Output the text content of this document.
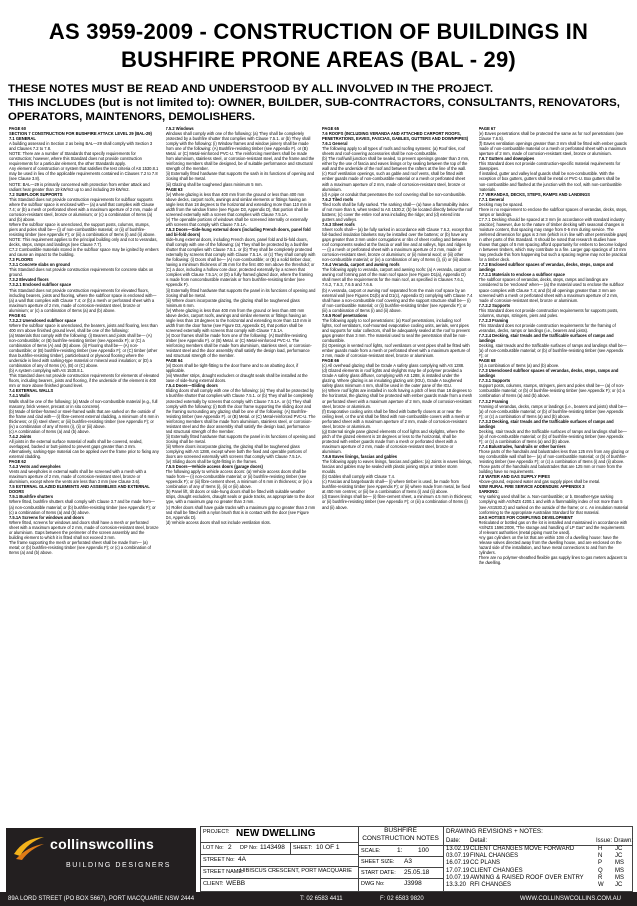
AS 3959-2009 - CONSTRUCTION OF BUILDINGS IN
BUSHFIRE PRONE AREAS (BAL - 29)
THESE NOTES MUST BE READ AND UNDERSTOOD BY ALL INVOLVED IN THE PROJECT.
THIS INCLUDES (but is not limited to): OWNER, BUILDER, SUB-CONTRACTORS, CONSULTANTS, RENOVATORS,
OPERATORS, MAINTENORS, DEMOLISHERS.

PAGE 60

SECTION 7 CONSTRUCTION FOR BUSHFIRE ATTACK LEVEL 29 (BAL-29)

7.1 GENERAL

A building assessed in Section 2 as being BAL—29 shall comply with Section 3 and Clauses 7.2 to 7.8.

NOTE: There are a number of Standards that specify requirements for construction; however, where this Standard does not provide construction requirements for a particular element, the other Standards apply.

Any element of construction or system that satisfies the test criteria of AS 1530.8.1 may be used in lieu of the applicable requirements contained in Clauses 7.2 to 7.8 (see Clause 3.8).

NOTE: BAL—29 is primarily concerned with protection from ember attack and radiant heat greater than 19 kW/m2 up to and including 29 kW/m2.

7.2 SUBFLOOR SUPPORTS

This Standard does not provide construction requirements for subfloor supports where the subfloor space is enclosed with— (a) a wall that complies with Clause 7.4; or (b) a mesh or perforated sheet with a maximum aperture of 2 mm, made of corrosion-resistant steel, bronze or aluminium; or (c) a combination of Items (a) and (b) above.

Where the subfloor space is unenclosed, the support posts, columns, stumps, piers and poles shall be— (i) of non-combustible material; or (ii) of bushfire-resisting timber (see Appendix F); or (iii) a combination of Items (i) and (ii) above.

NOTE: This requirement applies to the principal building only and not to verandas, decks, steps, ramps and landings (see Clause 7.7).

C7.2 Combustible materials stored in the subfloor space may be ignited by embers and cause an impact to the building.

7.3 FLOORS

7.3.1 Concrete slabs on ground

This Standard does not provide construction requirements for concrete slabs on ground.

7.3.2 Elevated floors

7.3.2.1 Enclosed subfloor space

This Standard does not provide construction requirements for elevated floors, including bearers, joists and flooring, where the subfloor space is enclosed with— (a) a wall that complies with Clause 7.4; or (b) a mesh or perforated sheet with a maximum aperture of 2 mm, made of corrosion-resistant steel, bronze or aluminium; or (c) a combination of Items (a) and (b) above.

PAGE 61

7.3.2.2 Unenclosed subfloor space

Where the subfloor space is unenclosed, the bearers, joists and flooring, less than 400 mm above finished ground level, shall be one of the following:

(a) Materials that comply with the following: (i) Bearers and joists shall be— (A) non-combustible; or (B) bushfire-resisting timber (see Appendix F); or (C) a combination of Items (A) and (B) above. (ii) Flooring shall be— (A) non-combustible; or (B) bushfire-resisting timber (see Appendix F); or (C) timber (other than bushfire-resisting timber), particleboard or plywood flooring where the underside is lined with sarking-type material or mineral wool insulation; or (D) a combination of any of Items (A), (B) or (C) above.

(b) A system complying with AS 1530.8.1.

This Standard does not provide construction requirements for elements of elevated floors, including bearers, joists and flooring, if the underside of the element is 400 mm or more above finished ground level.

7.4 EXTERNAL WALLS

7.4.1 Walls

Walls shall be one of the following: (a) Made of non-combustible material (e.g., full masonry, brick veneer, precast or in situ concrete).

(b) Made of timber-framed or steel-framed walls that are sarked on the outside of the frame and clad with— (i) fibre-cement external cladding, a minimum of 6 mm in thickness; or (ii) steel sheet; or (iii) bushfire-resisting timber (see Appendix F); or (iv) a combination of any of Items (i), (ii) or (iii) above.

(c) A combination of Items (a) and (b) above.

7.4.2 Joints

All joints in the external surface material of walls shall be covered, sealed, overlapped, backed or butt-jointed to prevent gaps greater than 3 mm.

Alternatively, sarking-type material can be applied over the frame prior to fixing any external cladding.

PAGE 62

7.4.3 Vents and weepholes

Vents and weepholes in external walls shall be screened with a mesh with a maximum aperture of 2 mm, made of corrosion-resistant steel, bronze or aluminium, except where the vents are less than 3 mm (see Clause 3.6).

7.5 EXTERNAL GLAZED ELEMENTS AND ASSEMBLIES AND EXTERNAL DOORS

7.5.1 Bushfire shutters

Where fitted, bushfire shutters shall comply with Clause 3.7 and be made from— (a) non-combustible material; or (b) bushfire-resisting timber (see Appendix F); or (c) a combination of Items (a) and (b) above.

7.5.1A Screens for windows and doors

Where fitted, screens for windows and doors shall have a mesh or perforated sheet with a maximum aperture of 2 mm, made of corrosion-resistant steel, bronze or aluminium. Gaps between the perimeter of the screen assembly and the building element to which it is fitted shall not exceed 3 mm.

The frame supporting the mesh or perforated sheet shall be made from— (a) metal; or (b) bushfire-resisting timber (see Appendix F); or (c) a combination of Items (a) and (b) above.

7.5.2 Windows

Windows shall comply with one of the following: (a) They shall be completely protected by a bushfire shutter that complies with Clause 7.5.1. or (b) They shall comply with the following: (i) Window frames and window joinery shall be made from one of the following: (A) Bushfire-resisting timber (see Appendix F). or (B) Metal. or (C) Metal-reinforced PVC-U. The reinforcing members shall be made from aluminium, stainless steel, or corrosion-resistant steel, and the frame and the reinforcing members shall be designed, be of suitable performance and structural strength of the member.

(ii) Externally fitted hardware that supports the sash in its functions of opening and closing shall be metal.

(iii) Glazing shall be toughened glass minimum 5 mm.

PAGE 63

(iv) Where glazing is less than 400 mm from the ground or less than 400 mm above decks, carport roofs, awnings and similar elements or fittings having an angle less than 18 degrees to the horizontal and extending more than 110 mm in width from the window frame (see Figure D3, Appendix D), that portion shall be screened externally with a screen that complies with Clause 7.5.1A.

(v) The openable portions of windows shall be screened internally or externally with screens that comply with Clause 7.5.1A.

7.5.3 Doors—Side-hung external doors (including French doors, panel fold and bi-fold doors)

Side-hung external doors, including French doors, panel fold and bi-fold doors, shall comply with one of the following: (a) They shall be protected by a bushfire shutter that complies with Clause 7.5.1. or (b) They shall be completely protected externally by screens that comply with Clause 7.5.1A. or (c) They shall comply with the following: (i) Doors shall be— (A) non-combustible; or (B) a solid timber door, having a minimum thickness of 35 mm for the first 400 mm above the threshold; or (C) a door, including a hollow core door, protected externally by a screen that complies with Clause 7.5.1A; or (D) a fully framed glazed door, where the framing is made from noncombustible materials or from bushfire-resisting timber (see Appendix F).

(ii) Externally fitted hardware that supports the panel in its functions of opening and closing shall be metal.

(iii) Where doors incorporate glazing, the glazing shall be toughened glass minimum 6 mm.

(iv) Where glazing is less than 400 mm from the ground or less than 400 mm above decks, carport roofs, awnings and similar elements or fittings having an angle less than 18 degrees to the horizontal and extending more than 110 mm in width from the door frame (see Figure D3, Appendix D), that portion shall be screened externally with screens that comply with Clause 7.5.1A.

(v) Door frames shall be made from one of the following: (A) Bushfire-resisting timber (see Appendix F). or (B) Metal. or (C) Metal-reinforced PVC-U. The reinforcing members shall be made from aluminium, stainless steel, or corrosion-resistant steel and the door assembly shall satisfy the design load, performance and structural strength of the member.

PAGE 64

(vi) Doors shall be tight-fitting to the door frame and to an abutting door, if applicable.

(vii) Weather strips, draught excluders or draught seals shall be installed at the base of side-hung external doors.

7.5.4 Doors—Sliding doors

Sliding doors shall comply with one of the following: (a) They shall be protected by a bushfire shutter that complies with Clause 7.5.1. or (b) They shall be completely protected externally by screens that comply with Clause 7.5.1A. or (c) They shall comply with the following: (i) Both the door frame supporting the sliding door and the framing surrounding any glazing shall be one of the following: (A) Bushfire-resisting timber (see Appendix F). or (B) Metal. or (C) Metal-reinforced PVC-U. The reinforcing members shall be made from aluminium, stainless steel, or corrosion-resistant steel and the door assembly shall satisfy the design load, performance and structural strength of the member.

(ii) Externally fitted hardware that supports the panel in its functions of opening and closing shall be metal.

(iii) Where doors incorporate glazing, the glazing shall be toughened glass complying with AS 1288, except where both the fixed and operable portions of doors are screened externally with screens that comply with Clause 7.5.1A.

(iv) Sliding doors shall be tight-fitting in the frames.

7.5.5 Doors—Vehicle access doors (garage doors)

The following apply to vehicle access doors: (a) Vehicle access doors shall be made from— (i) non-combustible material; or (ii) bushfire-resisting timber (see Appendix F); or (iii) fibre-cement sheet, a minimum of 6 mm in thickness; or (iv) a combination of any of Items (i), (ii) or (iii) above.

(b) Panel lift, tilt doors or side-hung doors shall be fitted with suitable weather strips, draught excluders, draught seals or guide tracks, as appropriate to the door type, with a maximum gap no greater than 3 mm.

(c) Roller doors shall have guide tracks with a maximum gap no greater than 3 mm and shall be fitted with a nylon brush that is in contact with the door (see Figure D4, Appendix D).

(d) Vehicle access doors shall not include ventilation slots.

PAGE 65

7.6 ROOFS (INCLUDING VERANDA AND ATTACHED CARPORT ROOFS, PENETRATIONS, EAVES, FASCIAS, GABLES, GUTTERS AND DOWNPIPES)

7.6.1 General

The following apply to all types of roofs and roofing systems: (a) Roof tiles, roof sheets and roof-covering accessories shall be non-combustible.

(b) The roof/wall junction shall be sealed, to prevent openings greater than 3 mm, either by the use of fascia and eaves linings or by sealing between the top of the wall and the underside of the roof and between the rafters at the line of the wall.

(c) Roof ventilation openings, such as gable and roof vents, shall be fitted with ember guards made of non-combustible material or a mesh or perforated sheet with a maximum aperture of 2 mm, made of corrosion-resistant steel, bronze or aluminium.

(d) A pipe or conduit that penetrates the roof covering shall be non-combustible.

7.6.2 Tiled roofs

Tiled roofs shall be fully sarked. The sarking shall— (a) have a flammability index of not more than 5, when tested to AS 1530.2; (b) be located directly below the roof battens; (c) cover the entire roof area including the ridge; and (d) extend into gutters and valleys.

7.6.3 Sheet roofs

Sheet roofs shall— (a) be fully sarked in accordance with Clause 7.6.2, except that foil-backed insulation blankets may be installed over the battens; or (b) have any gaps greater than 3 mm under corrugations or ribs of sheet roofing and between roof components sealed at the fascia or wall line and at valleys, hips and ridges by— (i) a mesh or perforated sheet with a maximum aperture of 2 mm, made of corrosion-resistant steel, bronze or aluminium; or (ii) mineral wool; or (iii) other non-combustible material; or (iv) a combination of any of Items (i), (ii) or (iii) above.

7.6.4 Veranda, carport and awning roofs

The following apply to veranda, carport and awning roofs: (a) A veranda, carport or awning roof forming part of the main roof space (see Figure D1(a), Appendix D) shall meet all the requirements for the main roof, as specified in Clauses 7.6.1, 7.6.2, 7.6.3, 7.6.5 and 7.6.6.

(b) A veranda, carport or awning roof separated from the main roof space by an external wall (see Figures D1(b) and D1(c), Appendix D) complying with Clause 7.4 shall have a non-combustible roof covering and the support structure shall be— (i) of non-combustible material; or (ii) bushfire-resisting timber (see Appendix F); or (iii) a combination of Items (i) and (ii) above.

7.6.5 Roof penetrations

The following apply to roof penetrations: (a) Roof penetrations, including roof lights, roof ventilators, roof-mounted evaporative cooling units, aerials, vent pipes and supports for solar collectors, shall be adequately sealed at the roof to prevent gaps greater than 3 mm. The material used to seal the penetration shall be non-combustible.

(b) Openings in vented roof lights, roof ventilators or vent pipes shall be fitted with ember guards made from a mesh or perforated sheet with a maximum aperture of 2 mm, made of corrosion-resistant steel, bronze or aluminium.

PAGE 66

(c) All overhead glazing shall be Grade A safety glass complying with AS 1288.

(d) Glazed elements in roof lights and skylights may be of polymer provided a Grade A safety glass diffuser, complying with AS 1288, is installed under the glazing. Where glazing is an insulating glazing unit (IGU), Grade A toughened safety glass minimum 4 mm, shall be used in the outer pane of the IGU.

(e) Where roof lights are installed in roofs having a pitch of less than 18 degrees to the horizontal, the glazing shall be protected with ember guards made from a mesh or perforated sheet with a maximum aperture of 2 mm, made of corrosion-resistant steel, bronze or aluminium.

(f) Evaporative cooling units shall be fitted with butterfly closers at or near the ceiling level, or the unit shall be fitted with non-combustible covers with a mesh or perforated sheet with a maximum aperture of 2 mm, made of corrosion-resistant steel, bronze or aluminium.

(g) External single pane glazed elements of roof lights and skylights, where the pitch of the glazed element is 18 degrees or less to the horizontal, shall be protected with ember guards made from a mesh or perforated sheet with a maximum aperture of 2 mm, made of corrosion-resistant steel, bronze or aluminium.

7.6.6 Eaves linings, fascias and gables

The following apply to eaves linings, fascias and gables: (a) Joints in eaves linings, fascias and gables may be sealed with plastic joining strips or timber storm moulds.

(b) Gables shall comply with Clause 7.4.

(c) Fascias and bargeboards shall— (i) where timber is used, be made from bushfire-resisting timber (see Appendix F); or (ii) where made from metal, be fixed at 450 mm centres; or (iii) be a combination of Items (i) and (ii) above.

(d) Eaves linings shall be— (i) fibre-cement sheet, a minimum 4.5 mm in thickness; or (ii) bushfire-resisting timber (see Appendix F); or (iii) a combination of Items (i) and (ii) above.

PAGE 67

(e) Eaves penetrations shall be protected the same as for roof penetrations (see Clause 7.6.5).

(f) Eaves ventilation openings greater than 3 mm shall be fitted with ember guards made of non-combustible material or a mesh or perforated sheet with a maximum aperture of 2 mm, made of corrosion-resistant steel, bronze or aluminium.

7.6.7 Gutters and downpipes

This Standard does not provide construction-specific material requirements for downpipes.

If installed, gutter and valley leaf guards shall be non-combustible. With the exception of box gutters, gutters shall be metal or PVC-U. Box gutters shall be non-combustible and flashed at the junction with the roof, with non-combustible materials.

7.7 VERANDAS, DECKS, STEPS, RAMPS AND LANDINGS

7.7.1 General

Decking may be spaced.

There is no requirement to enclose the subfloor spaces of verandas, decks, steps, ramps or landings.

C7.7.1 Decking should be spaced at 3 mm (in accordance with standard industry practice); however, due to the nature of timber decking with seasonal changes in moisture content, that spacing may range from 0-5 mm during service. The preferred dimension for gaps is 3 mm (which is in line with other permissible gaps) in other parts of this Standard. It should be noted that research studies have shown that gaps of 5 mm spacing afford opportunity for embers to become lodged in between timbers, which may contribute to a fire. Larger gap spacings of 10 mm may preclude this from happening but such a spacing regime may not be practical for a timber deck.

7.7.2 Enclosed subfloor spaces of verandas, decks, steps, ramps and landings

7.7.2.1 Materials to enclose a subfloor space

The subfloor spaces of verandas, decks, steps, ramps and landings are considered to be 'enclosed' when— (a) the material used to enclose the subfloor space complies with Clause 7.4; and (b) all openings greater than 3 mm are screened with a mesh or perforated sheet with a maximum aperture of 2 mm, made of corrosion-resistant steel, bronze or aluminium.

7.7.2.2 Supports

This Standard does not provide construction requirements for supports posts, columns, stumps, stringers, piers and poles.

7.7.2.3 Framing

This Standard does not provide construction requirements for the framing of verandas, decks, ramps or landings (i.e., bearers and joists).

7.7.2.4 Decking, stair treads and the trafficable surfaces of ramps and landings

Decking, stair treads and the trafficable surfaces of ramps and landings shall be— (a) of non-combustible material; or (b) of bushfire-resisting timber (see Appendix F); or

PAGE 68

(c) a combination of Items (a) and (b) above.

7.7.3 Unenclosed subfloor spaces of verandas, decks, steps, ramps and landings

7.7.3.1 Supports

Support posts, columns, stumps, stringers, piers and poles shall be— (a) of non-combustible material; or (b) of bushfire-resisting timber (see Appendix F); or (c) a combination of Items (a) and (b) above.

7.7.3.2 Framing

Framing of verandas, decks, ramps or landings (i.e., bearers and joists) shall be— (a) of non-combustible material; or (b) of bushfire-resisting timber (see Appendix F); or (c) a combination of Items (a) and (b) above.

7.7.3.3 Decking, stair treads and the trafficable surfaces of ramps and landings

Decking, stair treads and the trafficable surfaces of ramps and landings shall be— (a) of non-combustible material; or (b) of bushfire-resisting timber (see Appendix F); or (c) a combination of Items (a) and (b) above.

7.7.4 Balustrades, handrails or other barriers

Those parts of the handrails and balustrades less than 125 mm from any glazing or any combustible wall shall be— (a) of non-combustible material; or (b) of bushfire-resisting timber (see Appendix F); or (c) a combination of Items (i) and (ii) above.

Those parts of the handrails and balustrades that are 125 mm or more from the building have no requirements.

7.8 WATER AND GAS SUPPLY PIPES

Above-ground, exposed water and gas supply pipes shall be metal.

NSW RURAL FIRE SERVICE ADDENDUM: APPENDIX 3

SARKING:

Any sarking used shall be: a. Non-combustible; or b. Breather-type sarking complying with AS/NZS 4200.1 and with a flammability index of not more than 5 (see AS1530.2) and sarked on the outside of the frame; or c. An insulation material conforming to the appropriate Australian Standard for that material.

GAS HOTSES FOR COMPLYING DEVELOPMENT

Reticulated or bottled gas on the lot is installed and maintained in accordance with AS/NZS 1596:2008, "The storage and handling of LP Gas" and the requirements of relevant authorities (metal piping must be used).

Any gas cylinders on the lot that are within 10m of a dwelling house: have the release valves directed away from the dwelling house, and are enclosed on the hazard side of the installation, and have metal connections to and from the cylinders.

There are no polymer-sheathed flexible gas supply lines to gas meters adjacent to the dwelling.

collinswcollins
BUILDING DESIGNERS
PROJECT: NEW DWELLING
LOT No: 2 DP No: 1143498 SHEET: 10 OF 1
STREET No: 4A
STREET NAME:
HIBISCUS CRESCENT, PORT MACQUARIE
CLIENT: WEBB
BUSHFIRE
CONSTRUCTION NOTES
SCALE:	1: 100
SHEET SIZE: A3
START DATE: 25.05.18
DWG No:	J3998
DRAWING REVISIONS + NOTES:
Date: Detail:	Issue: Drawn:
13.02.19 CLIENT CHANGES MOVE FORWARD	H JC
03.07.19 FINAL CHANGES	N JC
16.07.19 CC PLANS	P MS
17.07.19 CLIENT CHANGES	Q MS
10.07.19 AWNING & RAISED ROOF OVER ENTRY R MS
13.3.20 RFI CHANGES	W JC
89A LORD STREET (PO BOX 5667), PORT MACQUARIE NSW 2444	T: 02 6583 4411	F: 02 6583 9820	WWW.COLLINSWCOLLINS.COM.AU
